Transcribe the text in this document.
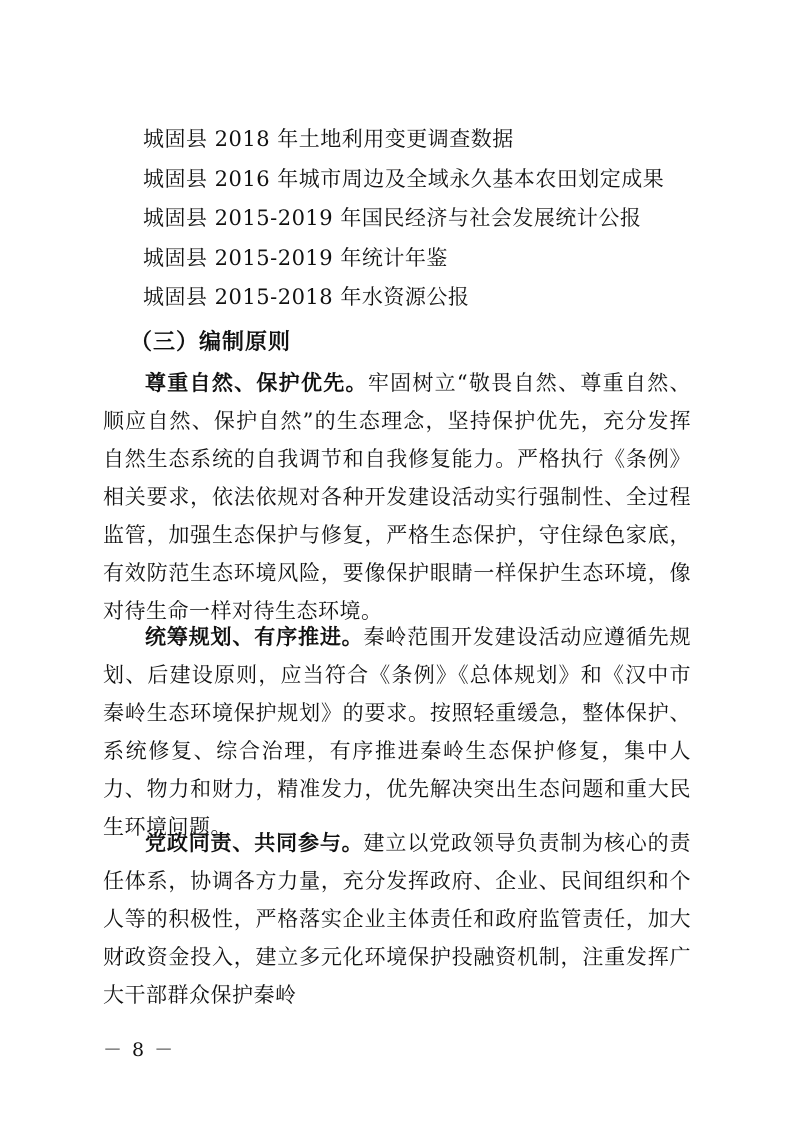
城固县 2018 年土地利用变更调查数据
城固县 2016 年城市周边及全域永久基本农田划定成果
城固县 2015-2019 年国民经济与社会发展统计公报
城固县 2015-2019 年统计年鉴
城固县 2015-2018 年水资源公报
（三）编制原则

尊重自然、保护优先。牢固树立“敬畏自然、尊重自然、顺应自然、保护自然”的生态理念，坚持保护优先，充分发挥自然生态系统的自我调节和自我修复能力。严格执行《条例》相关要求，依法依规对各种开发建设活动实行强制性、全过程监管，加强生态保护与修复，严格生态保护，守住绿色家底，有效防范生态环境风险，要像保护眼睛一样保护生态环境，像对待生命一样对待生态环境。

统筹规划、有序推进。秦岭范围开发建设活动应遵循先规划、后建设原则，应当符合《条例》《总体规划》和《汉中市秦岭生态环境保护规划》的要求。按照轻重缓急，整体保护、系统修复、综合治理，有序推进秦岭生态保护修复，集中人力、物力和财力，精准发力，优先解决突出生态问题和重大民生环境问题。

党政同责、共同参与。建立以党政领导负责制为核心的责任体系，协调各方力量，充分发挥政府、企业、民间组织和个人等的积极性，严格落实企业主体责任和政府监管责任，加大财政资金投入，建立多元化环境保护投融资机制，注重发挥广大干部群众保护秦岭

－ 8 －
